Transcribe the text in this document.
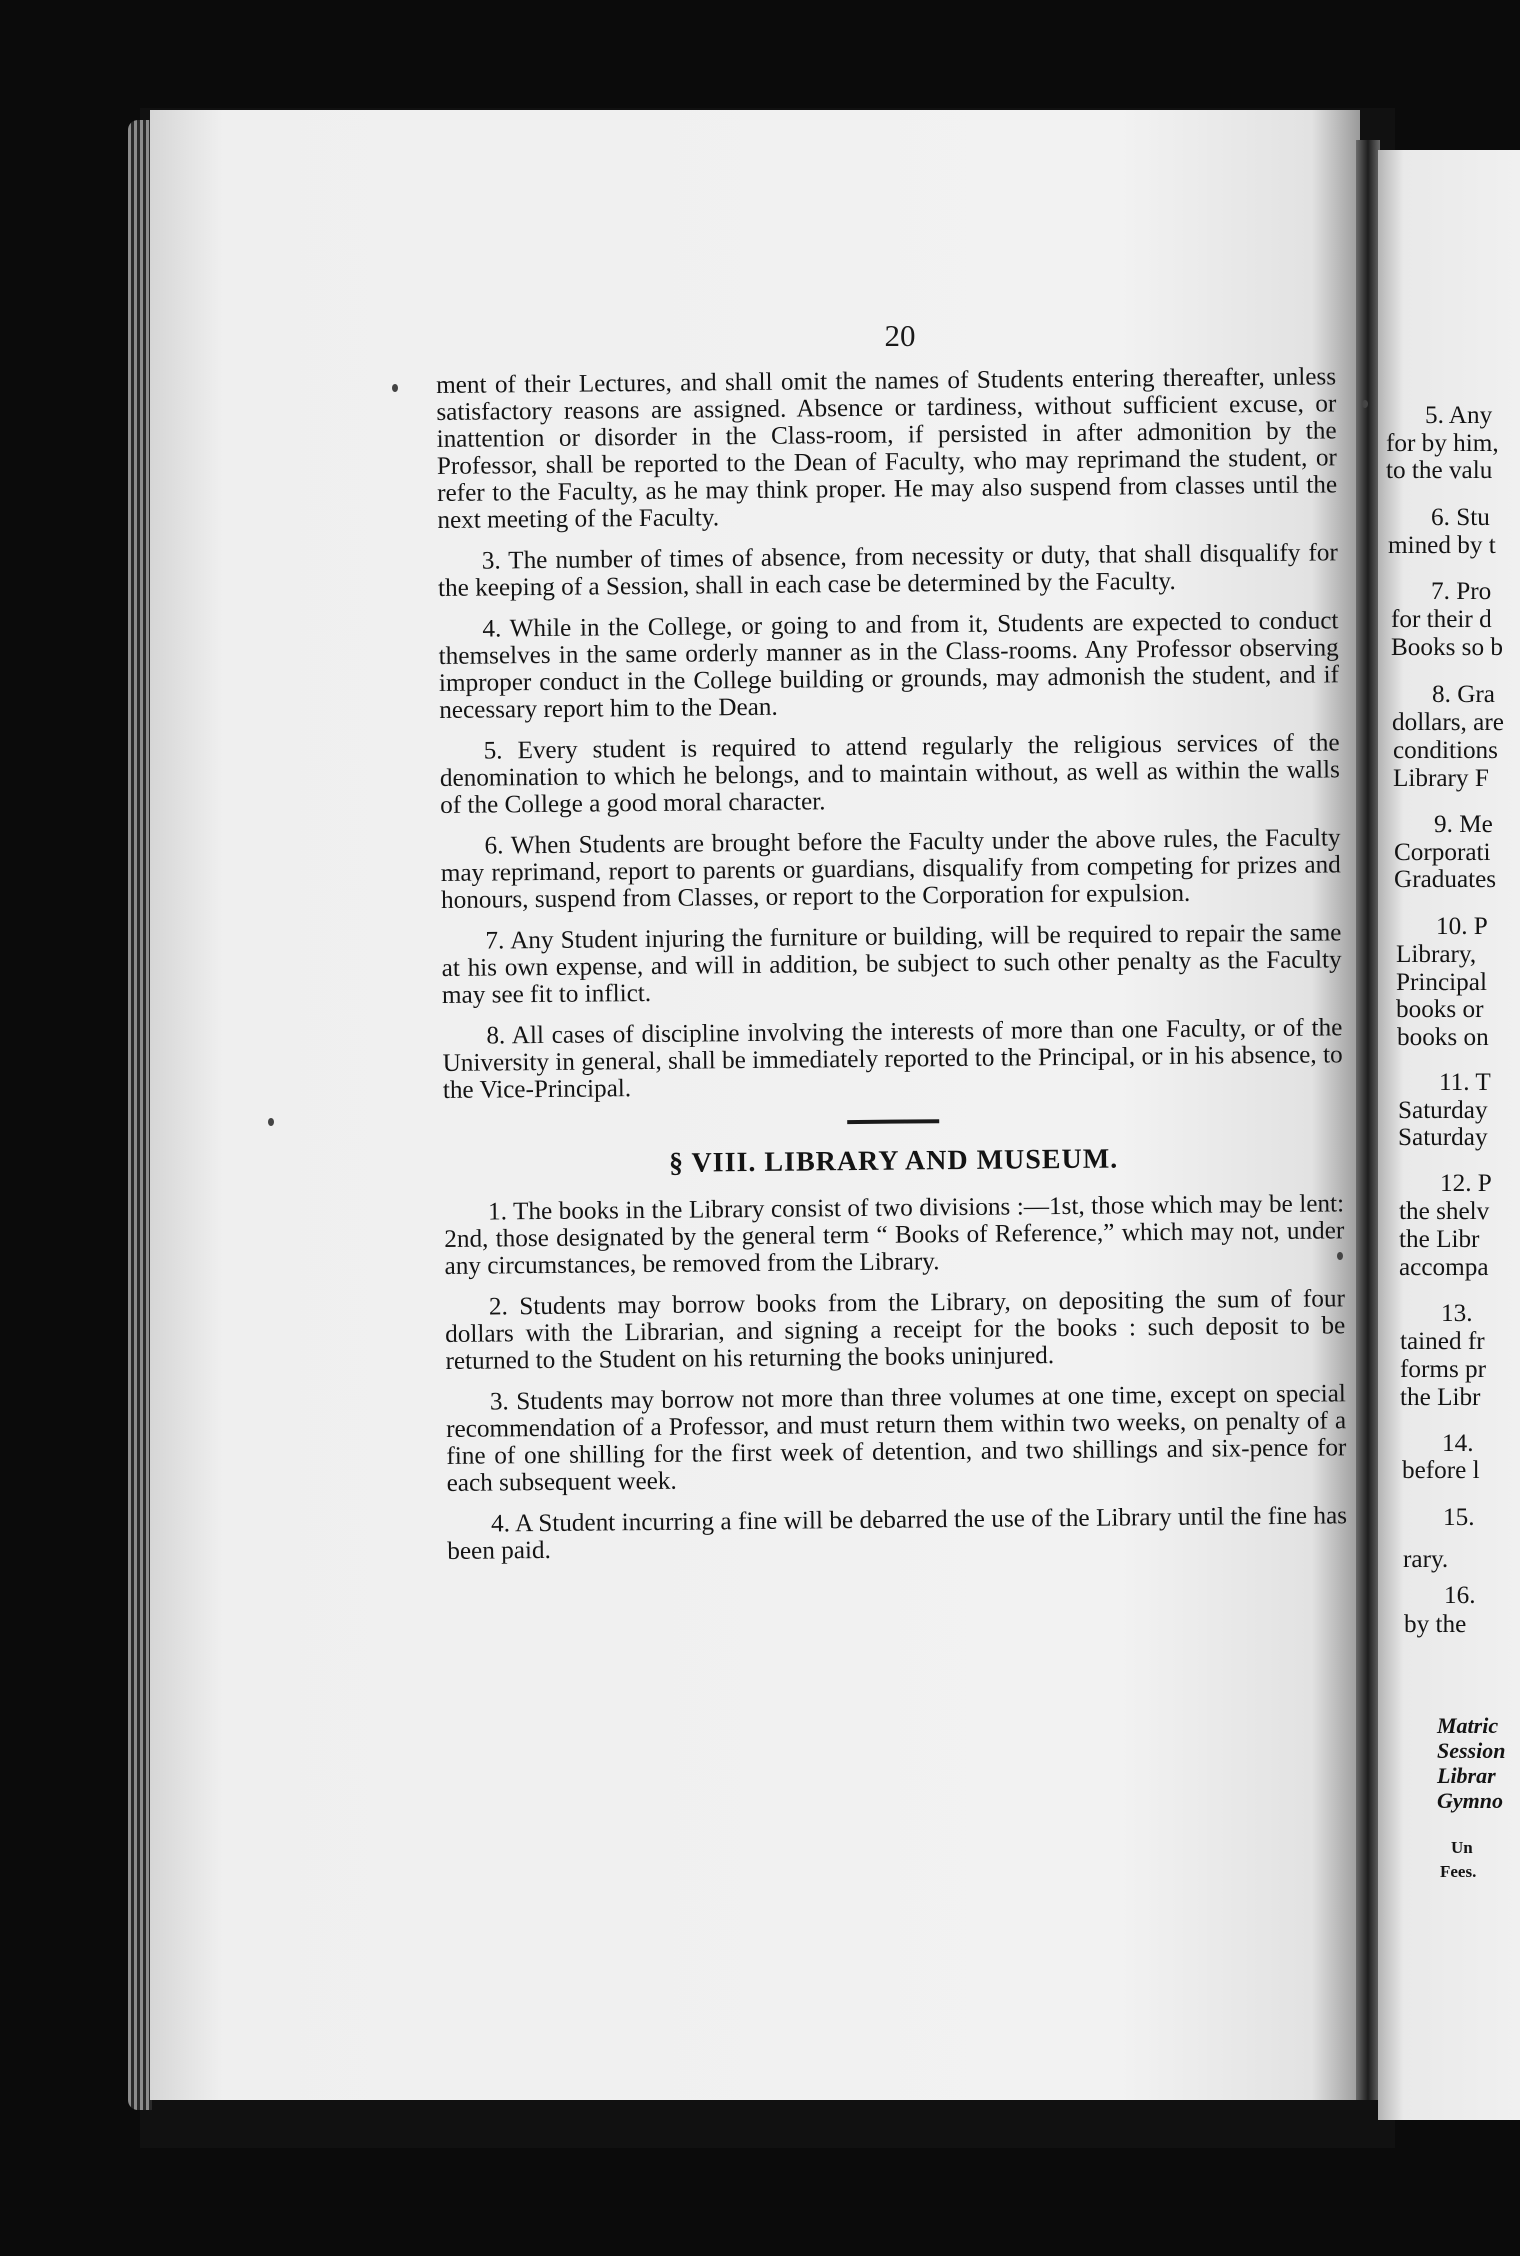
5. Any
for by him,
to the valu
6. Stu
mined by t
7. Pro
for their d
Books so b
8. Gra
dollars, are
conditions
Library F
9. Me
Corporati
Graduates
10. P
Library,
Principal
books or
books on
11. T
Saturday
Saturday
12. P
the shelv
the Libr
accompa
13.
tained fr
forms pr
the Libr
14.
before l
15.
rary.
16.
by the
Matric
Session
Librar
Gymno
Un
Fees.
20

ment of their Lectures, and shall omit the names of Students entering thereafter, unless satisfactory reasons are assigned. Absence or tardiness, without sufficient excuse, or inattention or disorder in the Class-room, if persisted in after admonition by the Professor, shall be reported to the Dean of Faculty, who may reprimand the student, or refer to the Faculty, as he may think proper. He may also suspend from classes until the next meeting of the Faculty.

3. The number of times of absence, from necessity or duty, that shall disqualify for the keeping of a Session, shall in each case be determined by the Faculty.

4. While in the College, or going to and from it, Students are expected to conduct themselves in the same orderly manner as in the Class-rooms. Any Professor observing improper conduct in the College building or grounds, may admonish the student, and if necessary report him to the Dean.

5. Every student is required to attend regularly the religious services of the denomination to which he belongs, and to maintain without, as well as within the walls of the College a good moral character.

6. When Students are brought before the Faculty under the above rules, the Faculty may reprimand, report to parents or guardians, disqualify from competing for prizes and honours, suspend from Classes, or report to the Corporation for expulsion.

7. Any Student injuring the furniture or building, will be required to repair the same at his own expense, and will in addition, be subject to such other penalty as the Faculty may see fit to inflict.

8. All cases of discipline involving the interests of more than one Faculty, or of the University in general, shall be immediately reported to the Principal, or in his absence, to the Vice-Principal.

§ VIII. LIBRARY AND MUSEUM.

1. The books in the Library consist of two divisions :—1st, those which may be lent: 2nd, those designated by the general term “ Books of Reference,” which may not, under any circumstances, be removed from the Library.

2. Students may borrow books from the Library, on depositing the sum of four dollars with the Librarian, and signing a receipt for the books : such deposit to be returned to the Student on his returning the books uninjured.

3. Students may borrow not more than three volumes at one time, except on special recommendation of a Professor, and must return them within two weeks, on penalty of a fine of one shilling for the first week of detention, and two shillings and six-pence for each subsequent week.

4. A Student incurring a fine will be debarred the use of the Library until the fine has been paid.
